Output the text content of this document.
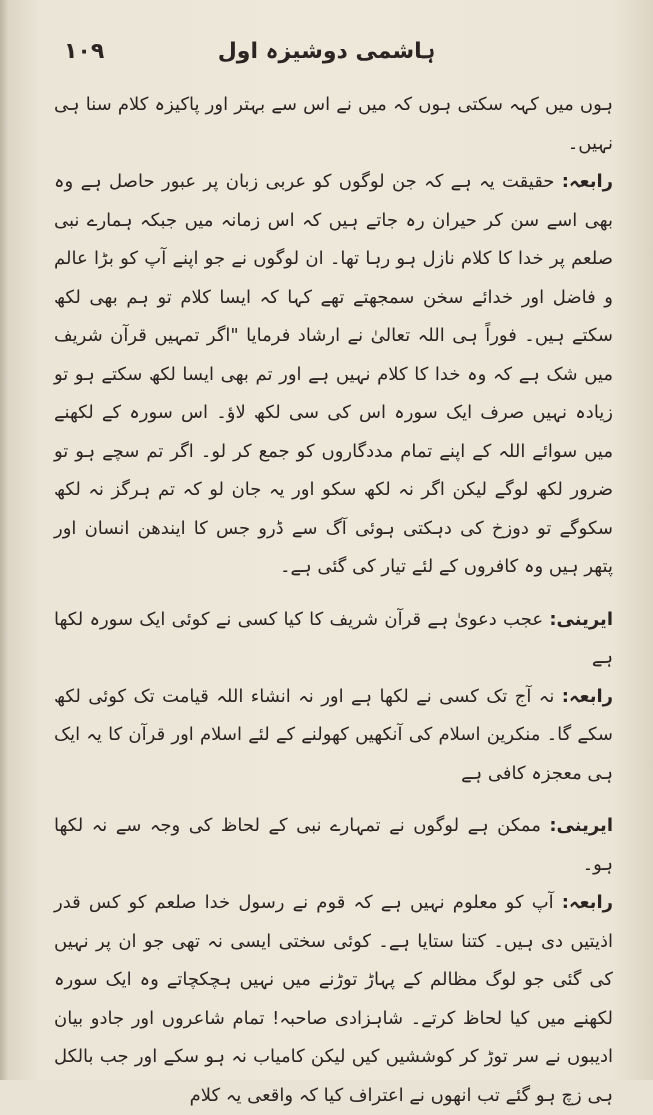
١٠٩	ہاشمی دوشیزہ اول

ہوں میں کہہ سکتی ہوں کہ میں نے اس سے بہتر اور پاکیزہ کلام سنا ہی نہیں۔

رابعہ: حقیقت یہ ہے کہ جن لوگوں کو عربی زبان پر عبور حاصل ہے وہ بھی اسے سن کر حیران رہ جاتے ہیں کہ اس زمانہ میں جبکہ ہمارے نبی صلعم پر خدا کا کلام نازل ہو رہا تھا۔ ان لوگوں نے جو اپنے آپ کو بڑا عالم و فاضل اور خدائے سخن سمجھتے تھے کہا کہ ایسا کلام تو ہم بھی لکھ سکتے ہیں۔ فوراً ہی اللہ تعالیٰ نے ارشاد فرمایا "اگر تمہیں قرآن شریف میں شک ہے کہ وہ خدا کا کلام نہیں ہے اور تم بھی ایسا لکھ سکتے ہو تو زیادہ نہیں صرف ایک سورہ اس کی سی لکھ لاؤ۔ اس سورہ کے لکھنے میں سوائے اللہ کے اپنے تمام مددگاروں کو جمع کر لو۔ اگر تم سچے ہو تو ضرور لکھ لوگے لیکن اگر نہ لکھ سکو اور یہ جان لو کہ تم ہرگز نہ لکھ سکوگے تو دوزخ کی دہکتی ہوئی آگ سے ڈرو جس کا ایندھن انسان اور پتھر ہیں وہ کافروں کے لئے تیار کی گئی ہے۔

ایرینی: عجب دعویٰ ہے قرآن شریف کا کیا کسی نے کوئی ایک سورہ لکھا ہے

رابعہ: نہ آج تک کسی نے لکھا ہے اور نہ انشاء اللہ قیامت تک کوئی لکھ سکے گا۔ منکرین اسلام کی آنکھیں کھولنے کے لئے اسلام اور قرآن کا یہ ایک ہی معجزہ کافی ہے

ایرینی: ممکن ہے لوگوں نے تمہارے نبی کے لحاظ کی وجہ سے نہ لکھا ہو۔

رابعہ: آپ کو معلوم نہیں ہے کہ قوم نے رسول خدا صلعم کو کس قدر اذیتیں دی ہیں۔ کتنا ستایا ہے۔ کوئی سختی ایسی نہ تھی جو ان پر نہیں کی گئی جو لوگ مظالم کے پہاڑ توڑنے میں نہیں ہچکچاتے وہ ایک سورہ لکھنے میں کیا لحاظ کرتے۔ شاہزادی صاحبہ! تمام شاعروں اور جادو بیان ادیبوں نے سر توڑ کر کوششیں کیں لیکن کامیاب نہ ہو سکے اور جب بالکل ہی زچ ہو گئے تب انھوں نے اعتراف کیا کہ واقعی یہ کلام
